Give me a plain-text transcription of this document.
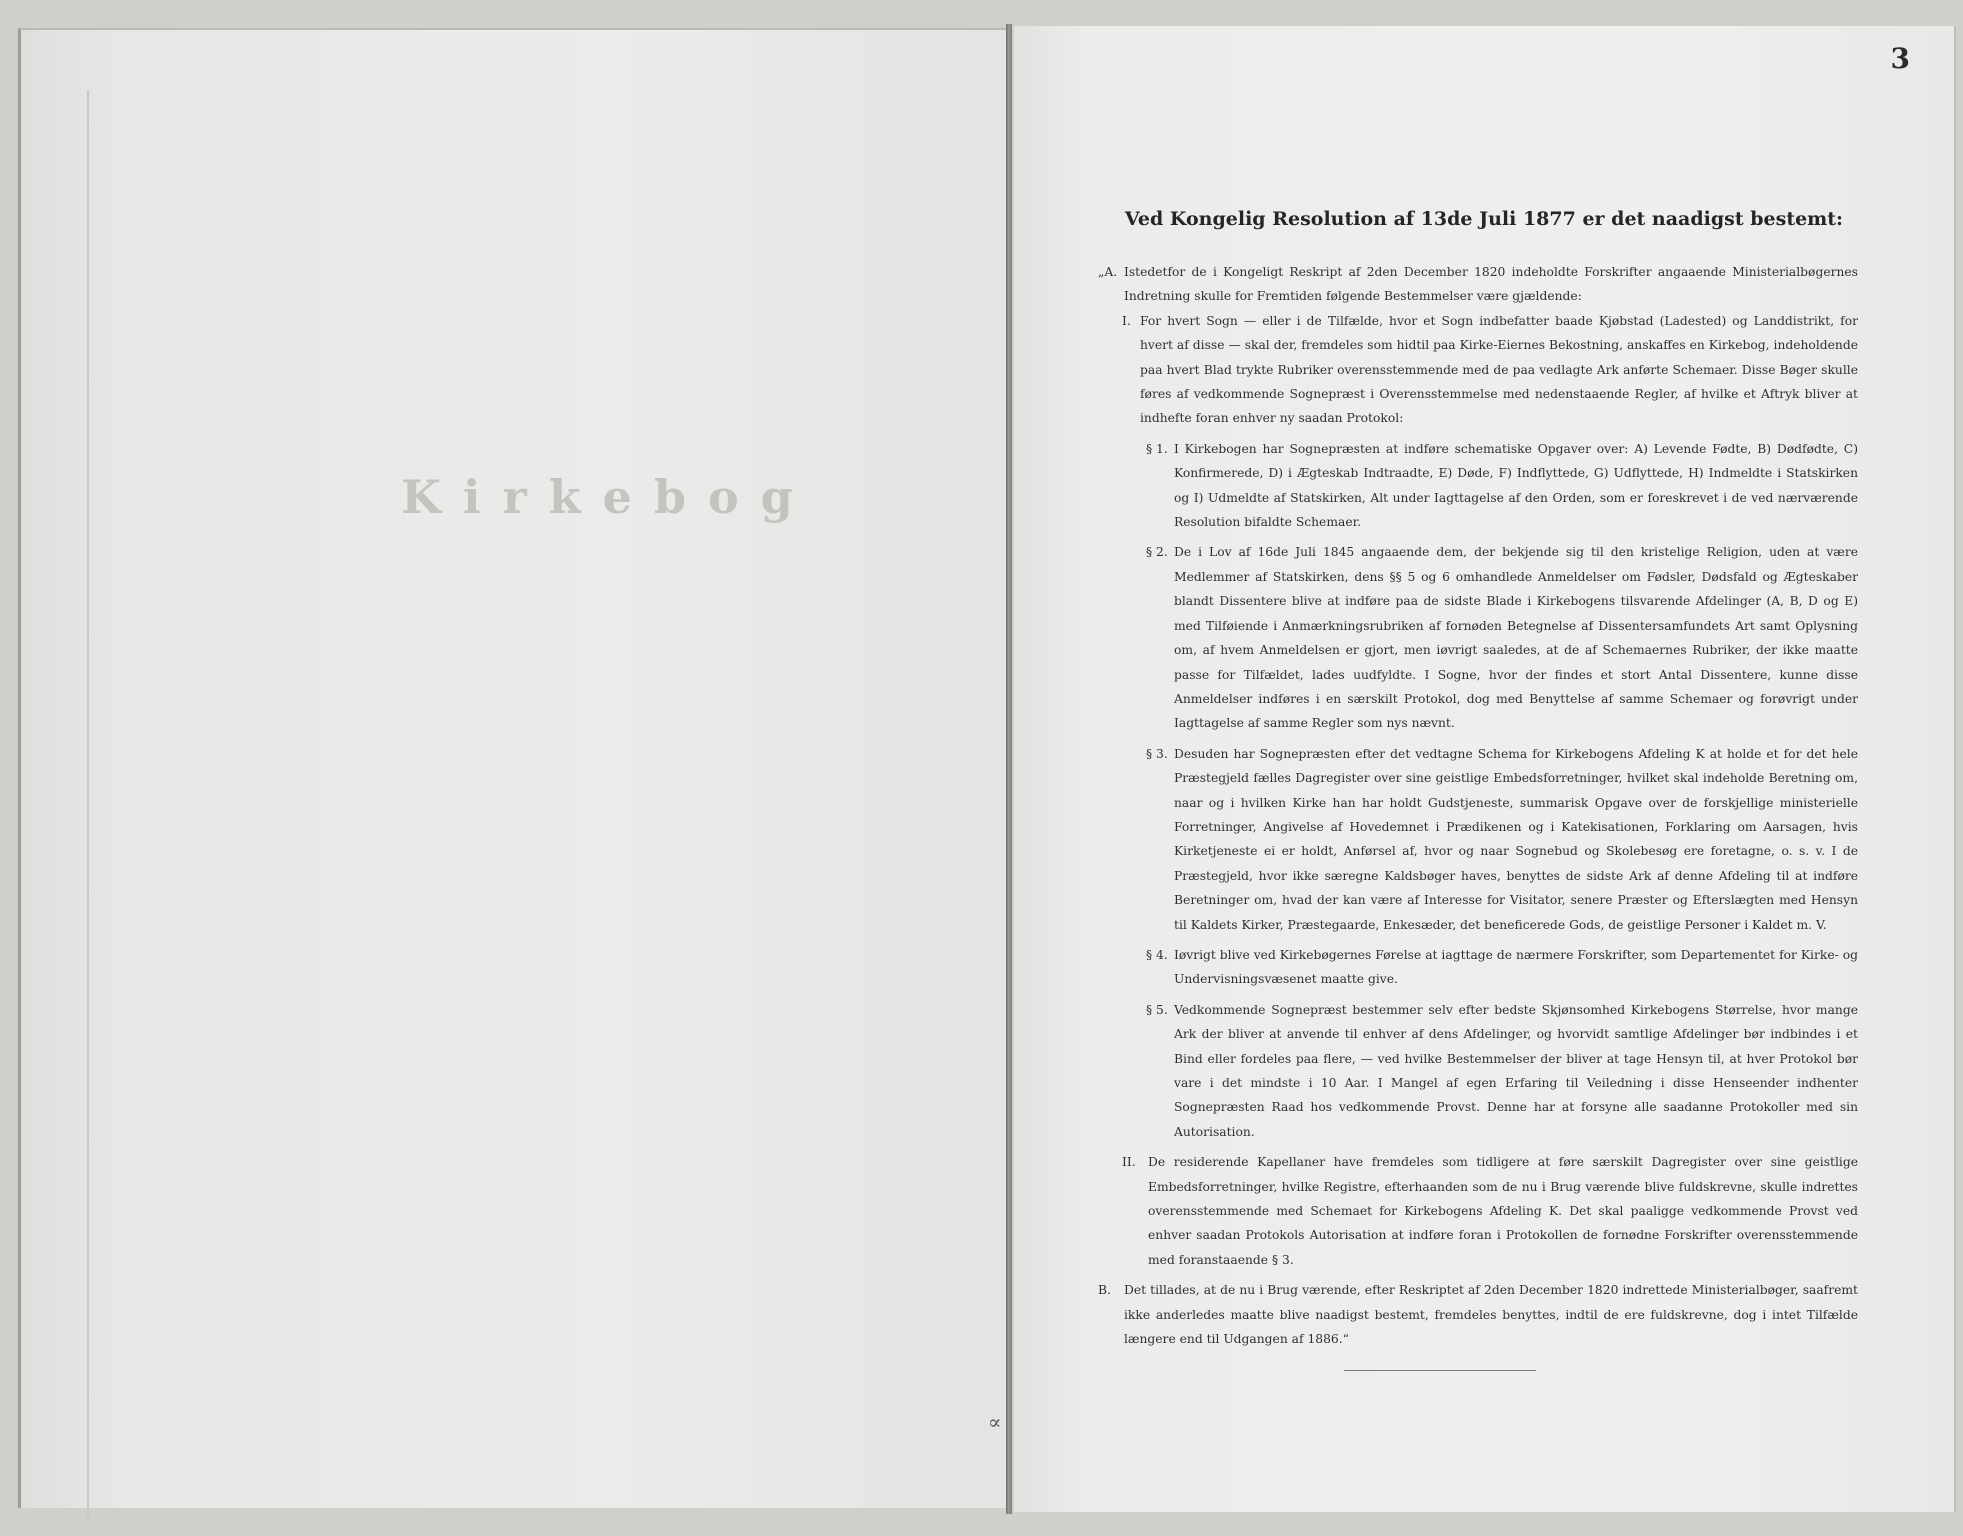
Kirkebog
∝
3
Ved Kongelig Resolution af 13de Juli 1877 er det naadigst bestemt:
„A. Istedetfor de i Kongeligt Reskript af 2den December 1820 indeholdte Forskrifter angaaende Ministerialbøgernes Indretning skulle for Fremtiden følgende Bestemmelser være gjældende:

I. For hvert Sogn — eller i de Tilfælde, hvor et Sogn indbefatter baade Kjøbstad (Ladested) og Landdistrikt, for hvert af disse — skal der, fremdeles som hidtil paa Kirke-Eiernes Bekostning, anskaffes en Kirkebog, indeholdende paa hvert Blad trykte Rubriker overensstemmende med de paa vedlagte Ark anførte Schemaer. Disse Bøger skulle føres af vedkommende Sognepræst i Overensstemmelse med nedenstaaende Regler, af hvilke et Aftryk bliver at indhefte foran enhver ny saadan Protokol:

§ 1. I Kirkebogen har Sognepræsten at indføre schematiske Opgaver over: A) Levende Fødte, B) Dødfødte, C) Konfirmerede, D) i Ægteskab Indtraadte, E) Døde, F) Indflyttede, G) Udflyttede, H) Indmeldte i Statskirken og I) Udmeldte af Statskirken, Alt under Iagttagelse af den Orden, som er foreskrevet i de ved nærværende Resolution bifaldte Schemaer.

§ 2. De i Lov af 16de Juli 1845 angaaende dem, der bekjende sig til den kristelige Religion, uden at være Medlemmer af Statskirken, dens §§ 5 og 6 omhandlede Anmeldelser om Fødsler, Dødsfald og Ægteskaber blandt Dissentere blive at indføre paa de sidste Blade i Kirkebogens tilsvarende Afdelinger (A, B, D og E) med Tilføiende i Anmærkningsrubriken af fornøden Betegnelse af Dissentersamfundets Art samt Oplysning om, af hvem Anmeldelsen er gjort, men iøvrigt saaledes, at de af Schemaernes Rubriker, der ikke maatte passe for Tilfældet, lades uudfyldte. I Sogne, hvor der findes et stort Antal Dissentere, kunne disse Anmeldelser indføres i en særskilt Protokol, dog med Benyttelse af samme Schemaer og forøvrigt under Iagttagelse af samme Regler som nys nævnt.

§ 3. Desuden har Sognepræsten efter det vedtagne Schema for Kirkebogens Afdeling K at holde et for det hele Præstegjeld fælles Dagregister over sine geistlige Embedsforretninger, hvilket skal indeholde Beretning om, naar og i hvilken Kirke han har holdt Gudstjeneste, summarisk Opgave over de forskjellige ministerielle Forretninger, Angivelse af Hovedemnet i Prædikenen og i Katekisationen, Forklaring om Aarsagen, hvis Kirketjeneste ei er holdt, Anførsel af, hvor og naar Sognebud og Skolebesøg ere foretagne, o. s. v. I de Præstegjeld, hvor ikke særegne Kaldsbøger haves, benyttes de sidste Ark af denne Afdeling til at indføre Beretninger om, hvad der kan være af Interesse for Visitator, senere Præster og Efterslægten med Hensyn til Kaldets Kirker, Præstegaarde, Enkesæder, det beneficerede Gods, de geistlige Personer i Kaldet m. V.

§ 4. Iøvrigt blive ved Kirkebøgernes Førelse at iagttage de nærmere Forskrifter, som Departementet for Kirke- og Undervisningsvæsenet maatte give.

§ 5. Vedkommende Sognepræst bestemmer selv efter bedste Skjønsomhed Kirkebogens Størrelse, hvor mange Ark der bliver at anvende til enhver af dens Afdelinger, og hvorvidt samtlige Afdelinger bør indbindes i et Bind eller fordeles paa flere, — ved hvilke Bestemmelser der bliver at tage Hensyn til, at hver Protokol bør vare i det mindste i 10 Aar. I Mangel af egen Erfaring til Veiledning i disse Henseender indhenter Sognepræsten Raad hos vedkommende Provst. Denne har at forsyne alle saadanne Protokoller med sin Autorisation.

II.	De residerende Kapellaner have fremdeles som tidligere at føre særskilt Dagregister over sine geistlige Embedsforretninger, hvilke Registre, efterhaanden som de nu i Brug værende blive fuldskrevne, skulle indrettes overensstemmende med Schemaet for Kirkebogens Afdeling K. Det skal paaligge vedkommende Provst ved enhver saadan Protokols Autorisation at indføre foran i Protokollen de fornødne Forskrifter overensstemmende med foranstaaende § 3.

B.	Det tillades, at de nu i Brug værende, efter Reskriptet af 2den December 1820 indrettede Ministerialbøger, saafremt ikke anderledes maatte blive naadigst bestemt, fremdeles benyttes, indtil de ere fuldskrevne, dog i intet Tilfælde længere end til Udgangen af 1886.“
